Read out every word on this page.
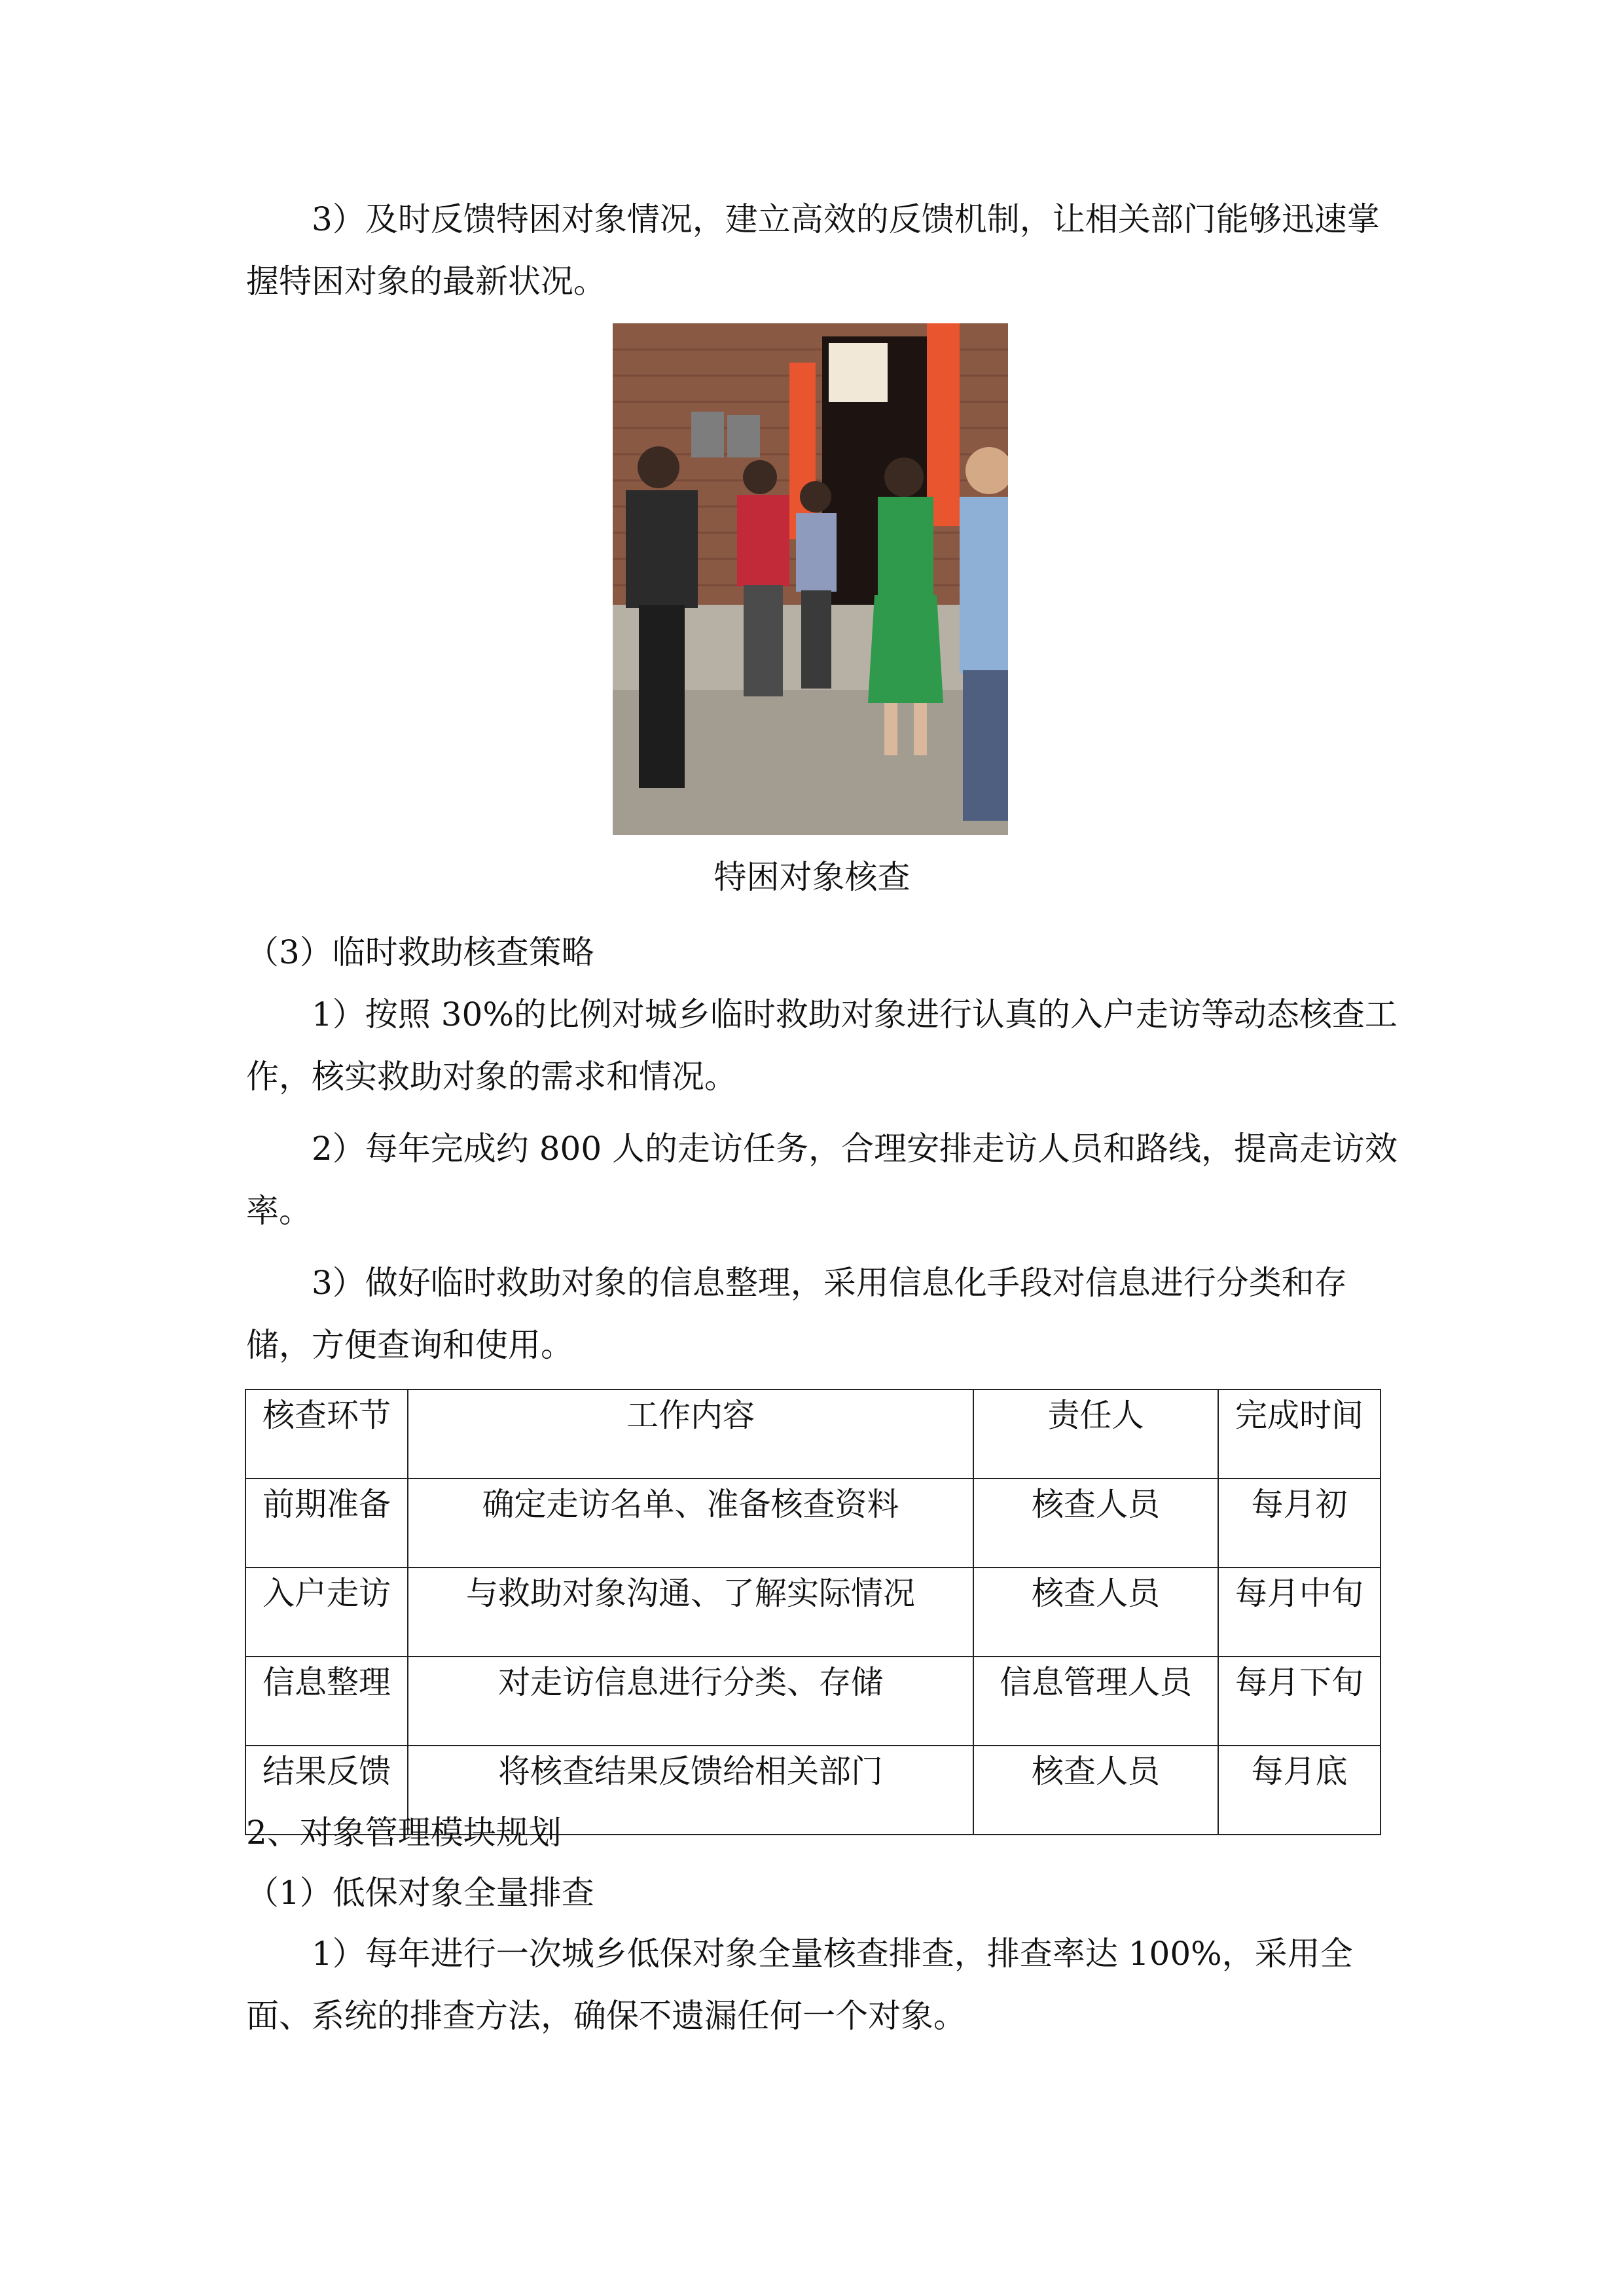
3）及时反馈特困对象情况，建立高效的反馈机制，让相关部门能够迅速掌

握特困对象的最新状况。

特困对象核查

（3）临时救助核查策略

1）按照 30%的比例对城乡临时救助对象进行认真的入户走访等动态核查工

作，核实救助对象的需求和情况。

2）每年完成约 800 人的走访任务，合理安排走访人员和路线，提高走访效

率。

3）做好临时救助对象的信息整理，采用信息化手段对信息进行分类和存

储，方便查询和使用。

核查环节	工作内容	责任人	完成时间
前期准备	确定走访名单、准备核查资料	核查人员	每月初
入户走访	与救助对象沟通、了解实际情况	核查人员	每月中旬
信息整理	对走访信息进行分类、存储	信息管理人员	每月下旬
结果反馈	将核查结果反馈给相关部门	核查人员	每月底

2、对象管理模块规划

（1）低保对象全量排查

1）每年进行一次城乡低保对象全量核查排查，排查率达 100%，采用全

面、系统的排查方法，确保不遗漏任何一个对象。
